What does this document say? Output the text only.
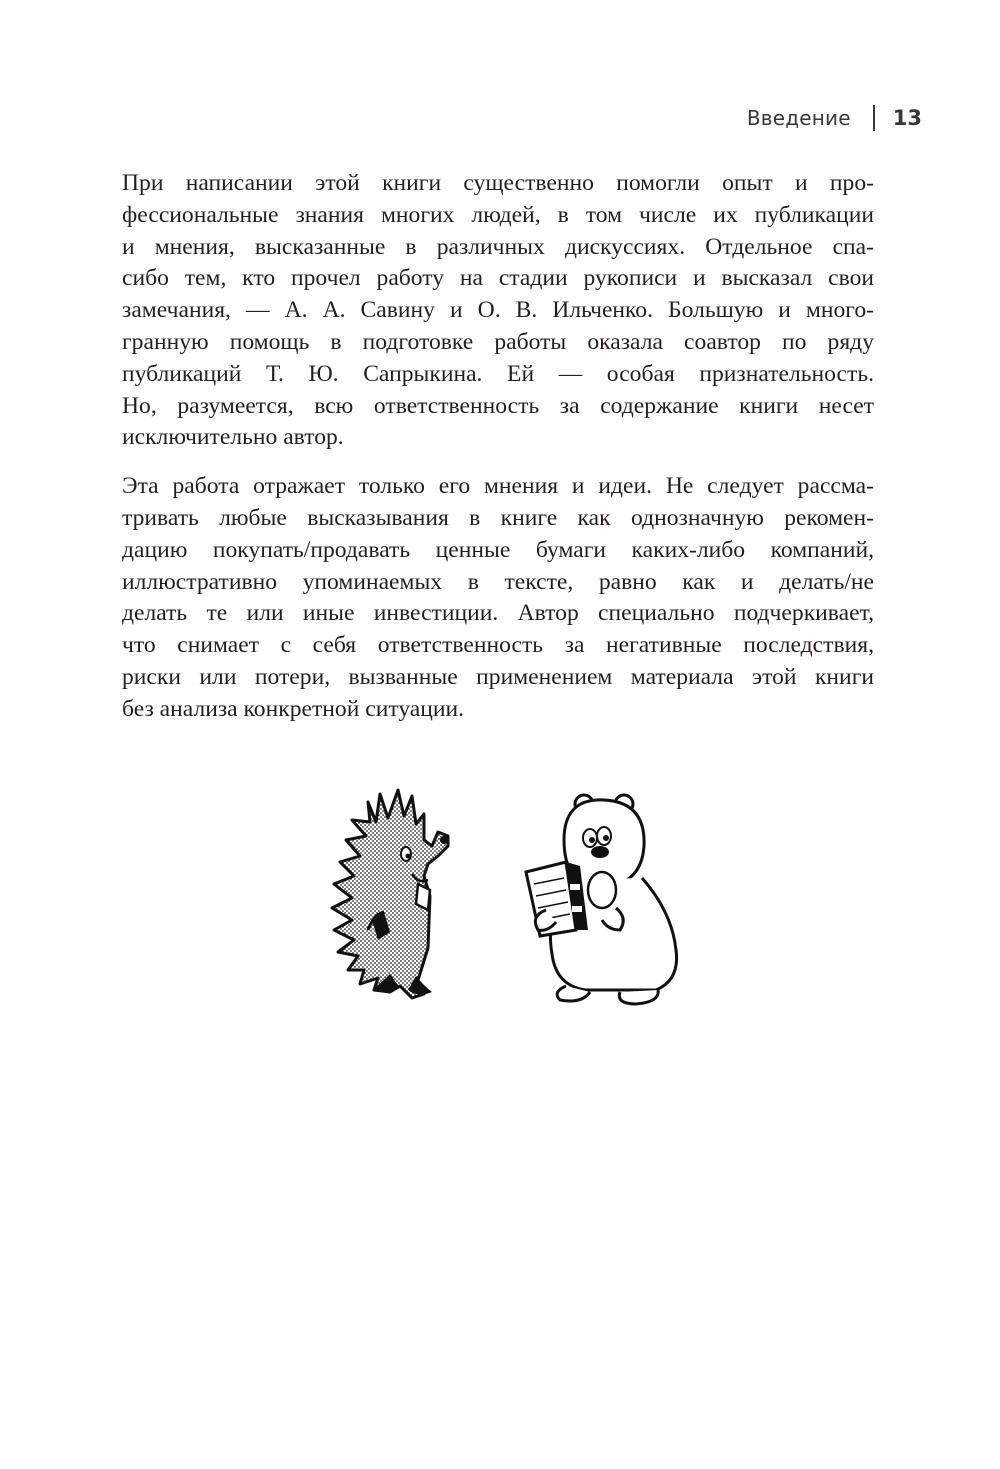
Введение 13

При написании этой книги существенно помогли опыт и про-
фессиональные знания многих людей, в том числе их публикации
и мнения, высказанные в различных дискуссиях. Отдельное спа-
сибо тем, кто прочел работу на стадии рукописи и высказал свои
замечания, — А. А. Савину и О. В. Ильченко. Большую и много-
гранную помощь в подготовке работы оказала соавтор по ряду
публикаций Т. Ю. Сапрыкина. Ей — особая признательность.
Но, разумеется, всю ответственность за содержание книги несет
исключительно автор.

Эта работа отражает только его мнения и идеи. Не следует рассма-
тривать любые высказывания в книге как однозначную рекомен-
дацию покупать/продавать ценные бумаги каких-либо компаний,
иллюстративно упоминаемых в тексте, равно как и делать/не
делать те или иные инвестиции. Автор специально подчеркивает,
что снимает с себя ответственность за негативные последствия,
риски или потери, вызванные применением материала этой книги
без анализа конкретной ситуации.
